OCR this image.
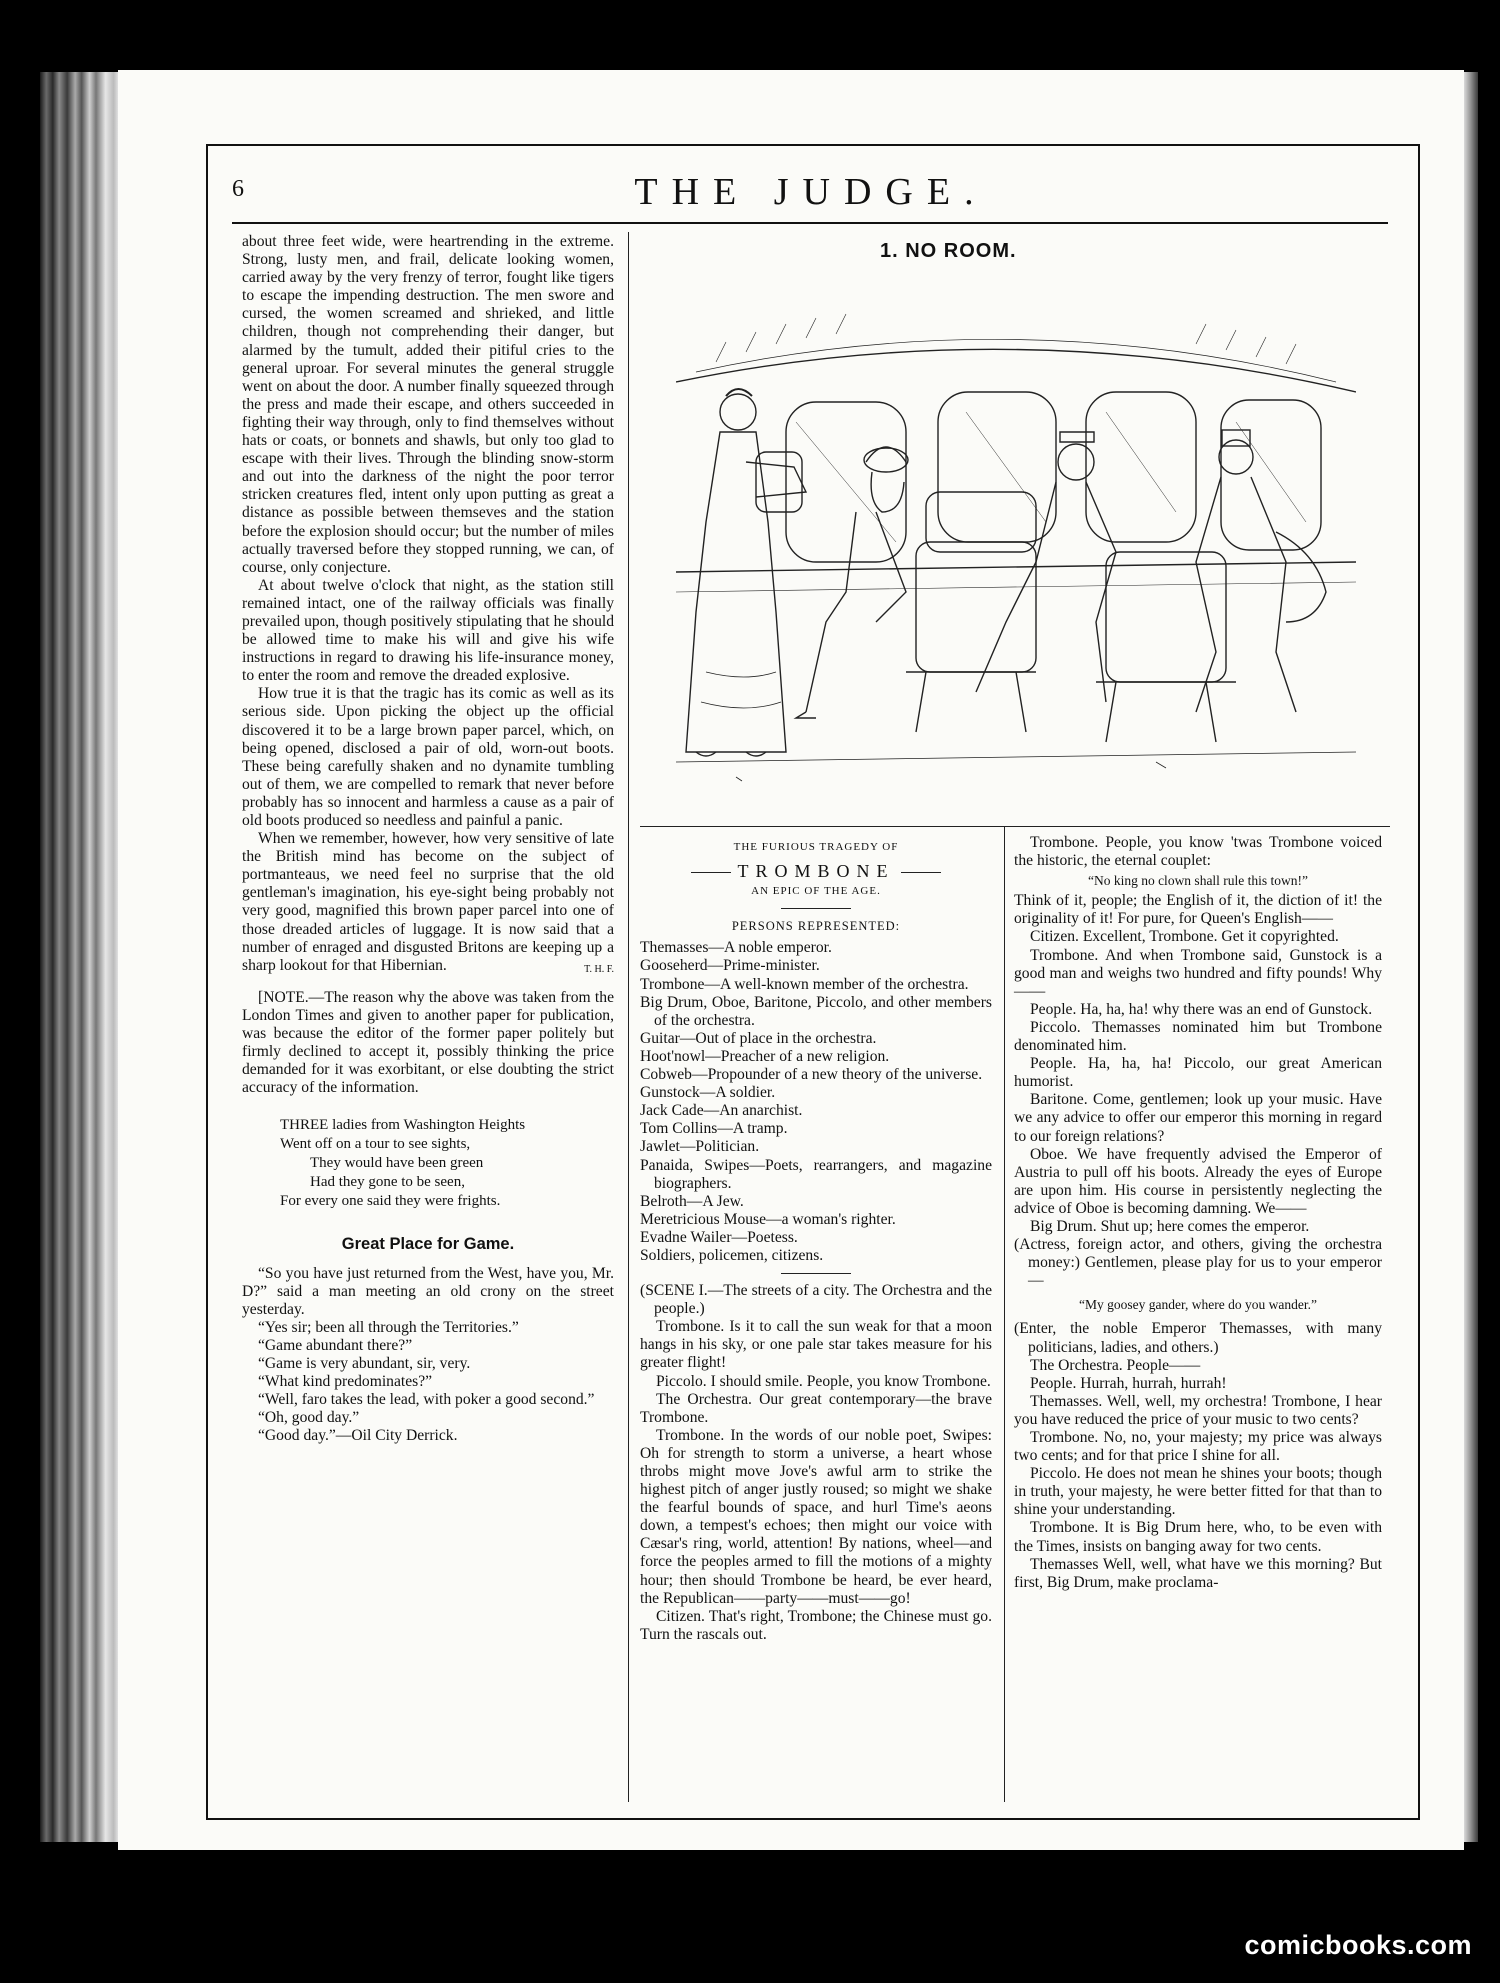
6	THE JUDGE.

about three feet wide, were heartrending in the extreme. Strong, lusty men, and frail, delicate looking women, carried away by the very frenzy of terror, fought like tigers to escape the impending destruction. The men swore and cursed, the women screamed and shrieked, and little children, though not comprehending their danger, but alarmed by the tumult, added their pitiful cries to the general uproar. For several minutes the general struggle went on about the door. A number finally squeezed through the press and made their escape, and others succeeded in fighting their way through, only to find themselves without hats or coats, or bonnets and shawls, but only too glad to escape with their lives. Through the blinding snow-storm and out into the darkness of the night the poor terror stricken creatures fled, intent only upon putting as great a distance as possible between themseves and the station before the explosion should occur; but the number of miles actually traversed before they stopped running, we can, of course, only conjecture.

At about twelve o'clock that night, as the station still remained intact, one of the railway officials was finally prevailed upon, though positively stipulating that he should be allowed time to make his will and give his wife instructions in regard to drawing his life-insurance money, to enter the room and remove the dreaded explosive.

How true it is that the tragic has its comic as well as its serious side. Upon picking the object up the official discovered it to be a large brown paper parcel, which, on being opened, disclosed a pair of old, worn-out boots. These being carefully shaken and no dynamite tumbling out of them, we are compelled to remark that never before probably has so innocent and harmless a cause as a pair of old boots produced so needless and painful a panic.

When we remember, however, how very sensitive of late the British mind has become on the subject of portmanteaus, we need feel no surprise that the old gentleman's imagination, his eye-sight being probably not very good, magnified this brown paper parcel into one of those dreaded articles of luggage. It is now said that a number of enraged and disgusted Britons are keeping up a sharp lookout for that Hibernian.	T. H. F.

[NOTE.—The reason why the above was taken from the London Times and given to another paper for publication, was because the editor of the former paper politely but firmly declined to accept it, possibly thinking the price demanded for it was exorbitant, or else doubting the strict accuracy of the information.

THREE ladies from Washington Heights
Went off on a tour to see sights,
They would have been green
Had they gone to be seen,
For every one said they were frights.
Great Place for Game.

“So you have just returned from the West, have you, Mr. D?” said a man meeting an old crony on the street yesterday.

“Yes sir; been all through the Territories.”

“Game abundant there?”

“Game is very abundant, sir, very.

“What kind predominates?”

“Well, faro takes the lead, with poker a good second.”

“Oh, good day.”

“Good day.”—Oil City Derrick.

1. NO ROOM.
THE FURIOUS TRAGEDY OF
TROMBONE
AN EPIC OF THE AGE.
PERSONS REPRESENTED:

Themasses—A noble emperor.

Gooseherd—Prime-minister.

Trombone—A well-known member of the orchestra.

Big Drum, Oboe, Baritone, Piccolo, and other members of the orchestra.

Guitar—Out of place in the orchestra.

Hoot'nowl—Preacher of a new religion.

Cobweb—Propounder of a new theory of the universe.

Gunstock—A soldier.

Jack Cade—An anarchist.

Tom Collins—A tramp.

Jawlet—Politician.

Panaida, Swipes—Poets, rearrangers, and magazine biographers.

Belroth—A Jew.

Meretricious Mouse—a woman's righter.

Evadne Wailer—Poetess.

Soldiers, policemen, citizens.

(SCENE I.—The streets of a city. The Orchestra and the people.)

Trombone. Is it to call the sun weak for that a moon hangs in his sky, or one pale star takes measure for his greater flight!

Piccolo. I should smile. People, you know Trombone.

The Orchestra. Our great contemporary—the brave Trombone.

Trombone. In the words of our noble poet, Swipes: Oh for strength to storm a universe, a heart whose throbs might move Jove's awful arm to strike the highest pitch of anger justly roused; so might we shake the fearful bounds of space, and hurl Time's aeons down, a tempest's echoes; then might our voice with Cæsar's ring, world, attention! By nations, wheel—and force the peoples armed to fill the motions of a mighty hour; then should Trombone be heard, be ever heard, the Republican——party——must——go!

Citizen. That's right, Trombone; the Chinese must go. Turn the rascals out.

Trombone. People, you know 'twas Trombone voiced the historic, the eternal couplet:

“No king no clown shall rule this town!”

Think of it, people; the English of it, the diction of it! the originality of it! For pure, for Queen's English——

Citizen. Excellent, Trombone. Get it copyrighted.

Trombone. And when Trombone said, Gunstock is a good man and weighs two hundred and fifty pounds! Why——

People. Ha, ha, ha! why there was an end of Gunstock.

Piccolo. Themasses nominated him but Trombone denominated him.

People. Ha, ha, ha! Piccolo, our great American humorist.

Baritone. Come, gentlemen; look up your music. Have we any advice to offer our emperor this morning in regard to our foreign relations?

Oboe. We have frequently advised the Emperor of Austria to pull off his boots. Already the eyes of Europe are upon him. His course in persistently neglecting the advice of Oboe is becoming damning. We——

Big Drum. Shut up; here comes the emperor.

(Actress, foreign actor, and others, giving the orchestra money:) Gentlemen, please play for us to your emperor—

“My goosey gander, where do you wander.”

(Enter, the noble Emperor Themasses, with many politicians, ladies, and others.)

The Orchestra. People——

People. Hurrah, hurrah, hurrah!

Themasses. Well, well, my orchestra! Trombone, I hear you have reduced the price of your music to two cents?

Trombone. No, no, your majesty; my price was always two cents; and for that price I shine for all.

Piccolo. He does not mean he shines your boots; though in truth, your majesty, he were better fitted for that than to shine your understanding.

Trombone. It is Big Drum here, who, to be even with the Times, insists on banging away for two cents.

Themasses Well, well, what have we this morning? But first, Big Drum, make proclama-

comicbooks.com
